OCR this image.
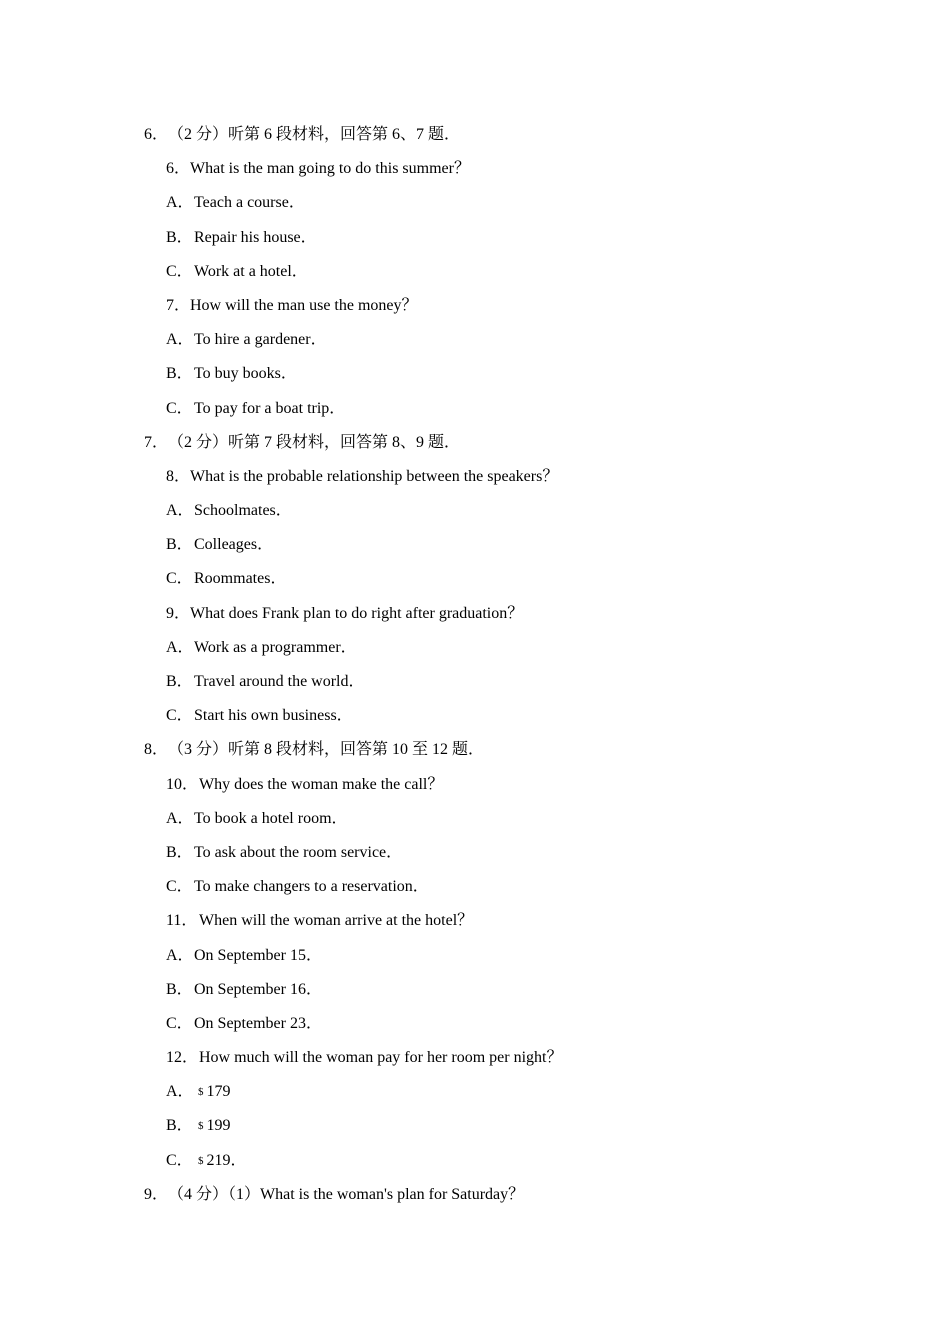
6．（2 分）听第 6 段材料，回答第 6、7 题．
6．What is the man going to do this summer？
A．Teach a course．
B．Repair his house．
C．Work at a hotel．
7．How will the man use the money？
A．To hire a gardener．
B．To buy books．
C．To pay for a boat trip．
7．（2 分）听第 7 段材料，回答第 8、9 题．
8．What is the probable relationship between the speakers？
A．Schoolmates．
B．Colleages．
C．Roommates．
9．What does Frank plan to do right after graduation？
A．Work as a programmer．
B．Travel around the world．
C．Start his own business．
8．（3 分）听第 8 段材料，回答第 10 至 12 题．
10．Why does the woman make the call？
A．To book a hotel room．
B．To ask about the room service．
C．To make changers to a reservation．
11．When will the woman arrive at the hotel？
A．On September 15．
B．On September 16．
C．On September 23．
12．How much will the woman pay for her room per night？
A． $ 179
B． $ 199
C． $ 219．
9．（4 分）（1）What is the woman's plan for Saturday？
